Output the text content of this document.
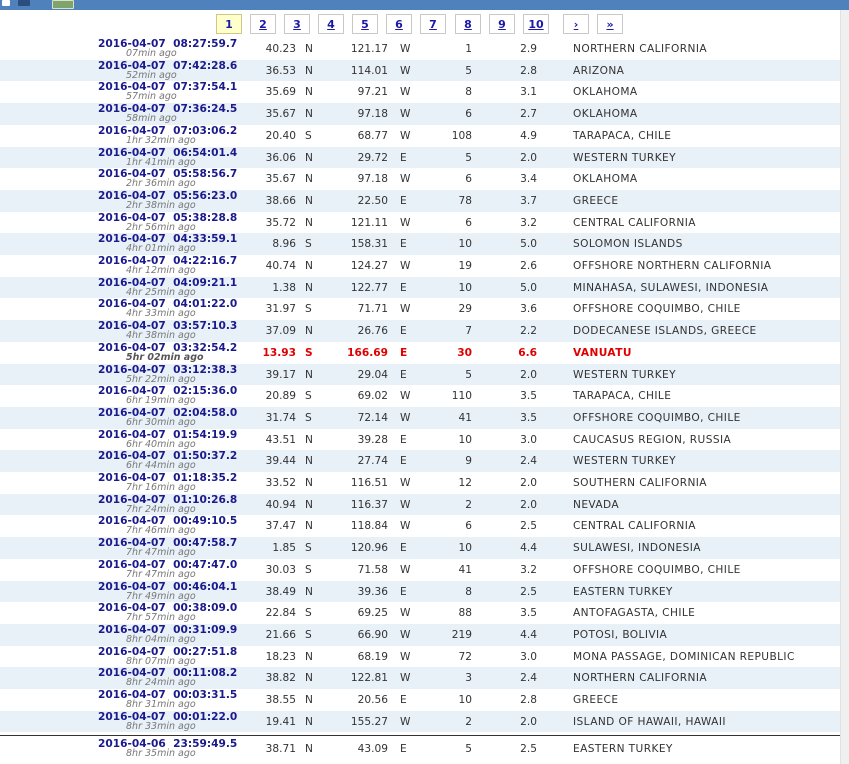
1	2	3	4	5	6	7	8	9	10	›	»
2016-04-07  08:27:59.7
07min ago	40.23 N	121.17 W	1	2.9	NORTHERN CALIFORNIA
2016-04-07  07:42:28.6
52min ago	36.53 N	114.01 W	5	2.8	ARIZONA
2016-04-07  07:37:54.1
57min ago	35.69 N	97.21 W	8	3.1	OKLAHOMA
2016-04-07  07:36:24.5
58min ago	35.67 N	97.18 W	6	2.7	OKLAHOMA
2016-04-07  07:03:06.2
1hr 32min ago	20.40 S	68.77 W	108	4.9	TARAPACA, CHILE
2016-04-07  06:54:01.4
1hr 41min ago	36.06 N	29.72 E	5	2.0	WESTERN TURKEY
2016-04-07  05:58:56.7
2hr 36min ago	35.67 N	97.18 W	6	3.4	OKLAHOMA
2016-04-07  05:56:23.0
2hr 38min ago	38.66 N	22.50 E	78	3.7	GREECE
2016-04-07  05:38:28.8
2hr 56min ago	35.72 N	121.11 W	6	3.2	CENTRAL CALIFORNIA
2016-04-07  04:33:59.1
4hr 01min ago	8.96 S	158.31 E	10	5.0	SOLOMON ISLANDS
2016-04-07  04:22:16.7
4hr 12min ago	40.74 N	124.27 W	19	2.6	OFFSHORE NORTHERN CALIFORNIA
2016-04-07  04:09:21.1
4hr 25min ago	1.38 N	122.77 E	10	5.0	MINAHASA, SULAWESI, INDONESIA
2016-04-07  04:01:22.0
4hr 33min ago	31.97 S	71.71 W	29	3.6	OFFSHORE COQUIMBO, CHILE
2016-04-07  03:57:10.3
4hr 38min ago	37.09 N	26.76 E	7	2.2	DODECANESE ISLANDS, GREECE
2016-04-07  03:32:54.2
5hr 02min ago	13.93 S	166.69 E	30	6.6	VANUATU
2016-04-07  03:12:38.3
5hr 22min ago	39.17 N	29.04 E	5	2.0	WESTERN TURKEY
2016-04-07  02:15:36.0
6hr 19min ago	20.89 S	69.02 W	110	3.5	TARAPACA, CHILE
2016-04-07  02:04:58.0
6hr 30min ago	31.74 S	72.14 W	41	3.5	OFFSHORE COQUIMBO, CHILE
2016-04-07  01:54:19.9
6hr 40min ago	43.51 N	39.28 E	10	3.0	CAUCASUS REGION, RUSSIA
2016-04-07  01:50:37.2
6hr 44min ago	39.44 N	27.74 E	9	2.4	WESTERN TURKEY
2016-04-07  01:18:35.2
7hr 16min ago	33.52 N	116.51 W	12	2.0	SOUTHERN CALIFORNIA
2016-04-07  01:10:26.8
7hr 24min ago	40.94 N	116.37 W	2	2.0	NEVADA
2016-04-07  00:49:10.5
7hr 46min ago	37.47 N	118.84 W	6	2.5	CENTRAL CALIFORNIA
2016-04-07  00:47:58.7
7hr 47min ago	1.85 S	120.96 E	10	4.4	SULAWESI, INDONESIA
2016-04-07  00:47:47.0
7hr 47min ago	30.03 S	71.58 W	41	3.2	OFFSHORE COQUIMBO, CHILE
2016-04-07  00:46:04.1
7hr 49min ago	38.49 N	39.36 E	8	2.5	EASTERN TURKEY
2016-04-07  00:38:09.0
7hr 57min ago	22.84 S	69.25 W	88	3.5	ANTOFAGASTA, CHILE
2016-04-07  00:31:09.9
8hr 04min ago	21.66 S	66.90 W	219	4.4	POTOSI, BOLIVIA
2016-04-07  00:27:51.8
8hr 07min ago	18.23 N	68.19 W	72	3.0	MONA PASSAGE, DOMINICAN REPUBLIC
2016-04-07  00:11:08.2
8hr 24min ago	38.82 N	122.81 W	3	2.4	NORTHERN CALIFORNIA
2016-04-07  00:03:31.5
8hr 31min ago	38.55 N	20.56 E	10	2.8	GREECE
2016-04-07  00:01:22.0
8hr 33min ago	19.41 N	155.27 W	2	2.0	ISLAND OF HAWAII, HAWAII
2016-04-06  23:59:49.5
8hr 35min ago	38.71 N	43.09 E	5	2.5	EASTERN TURKEY
